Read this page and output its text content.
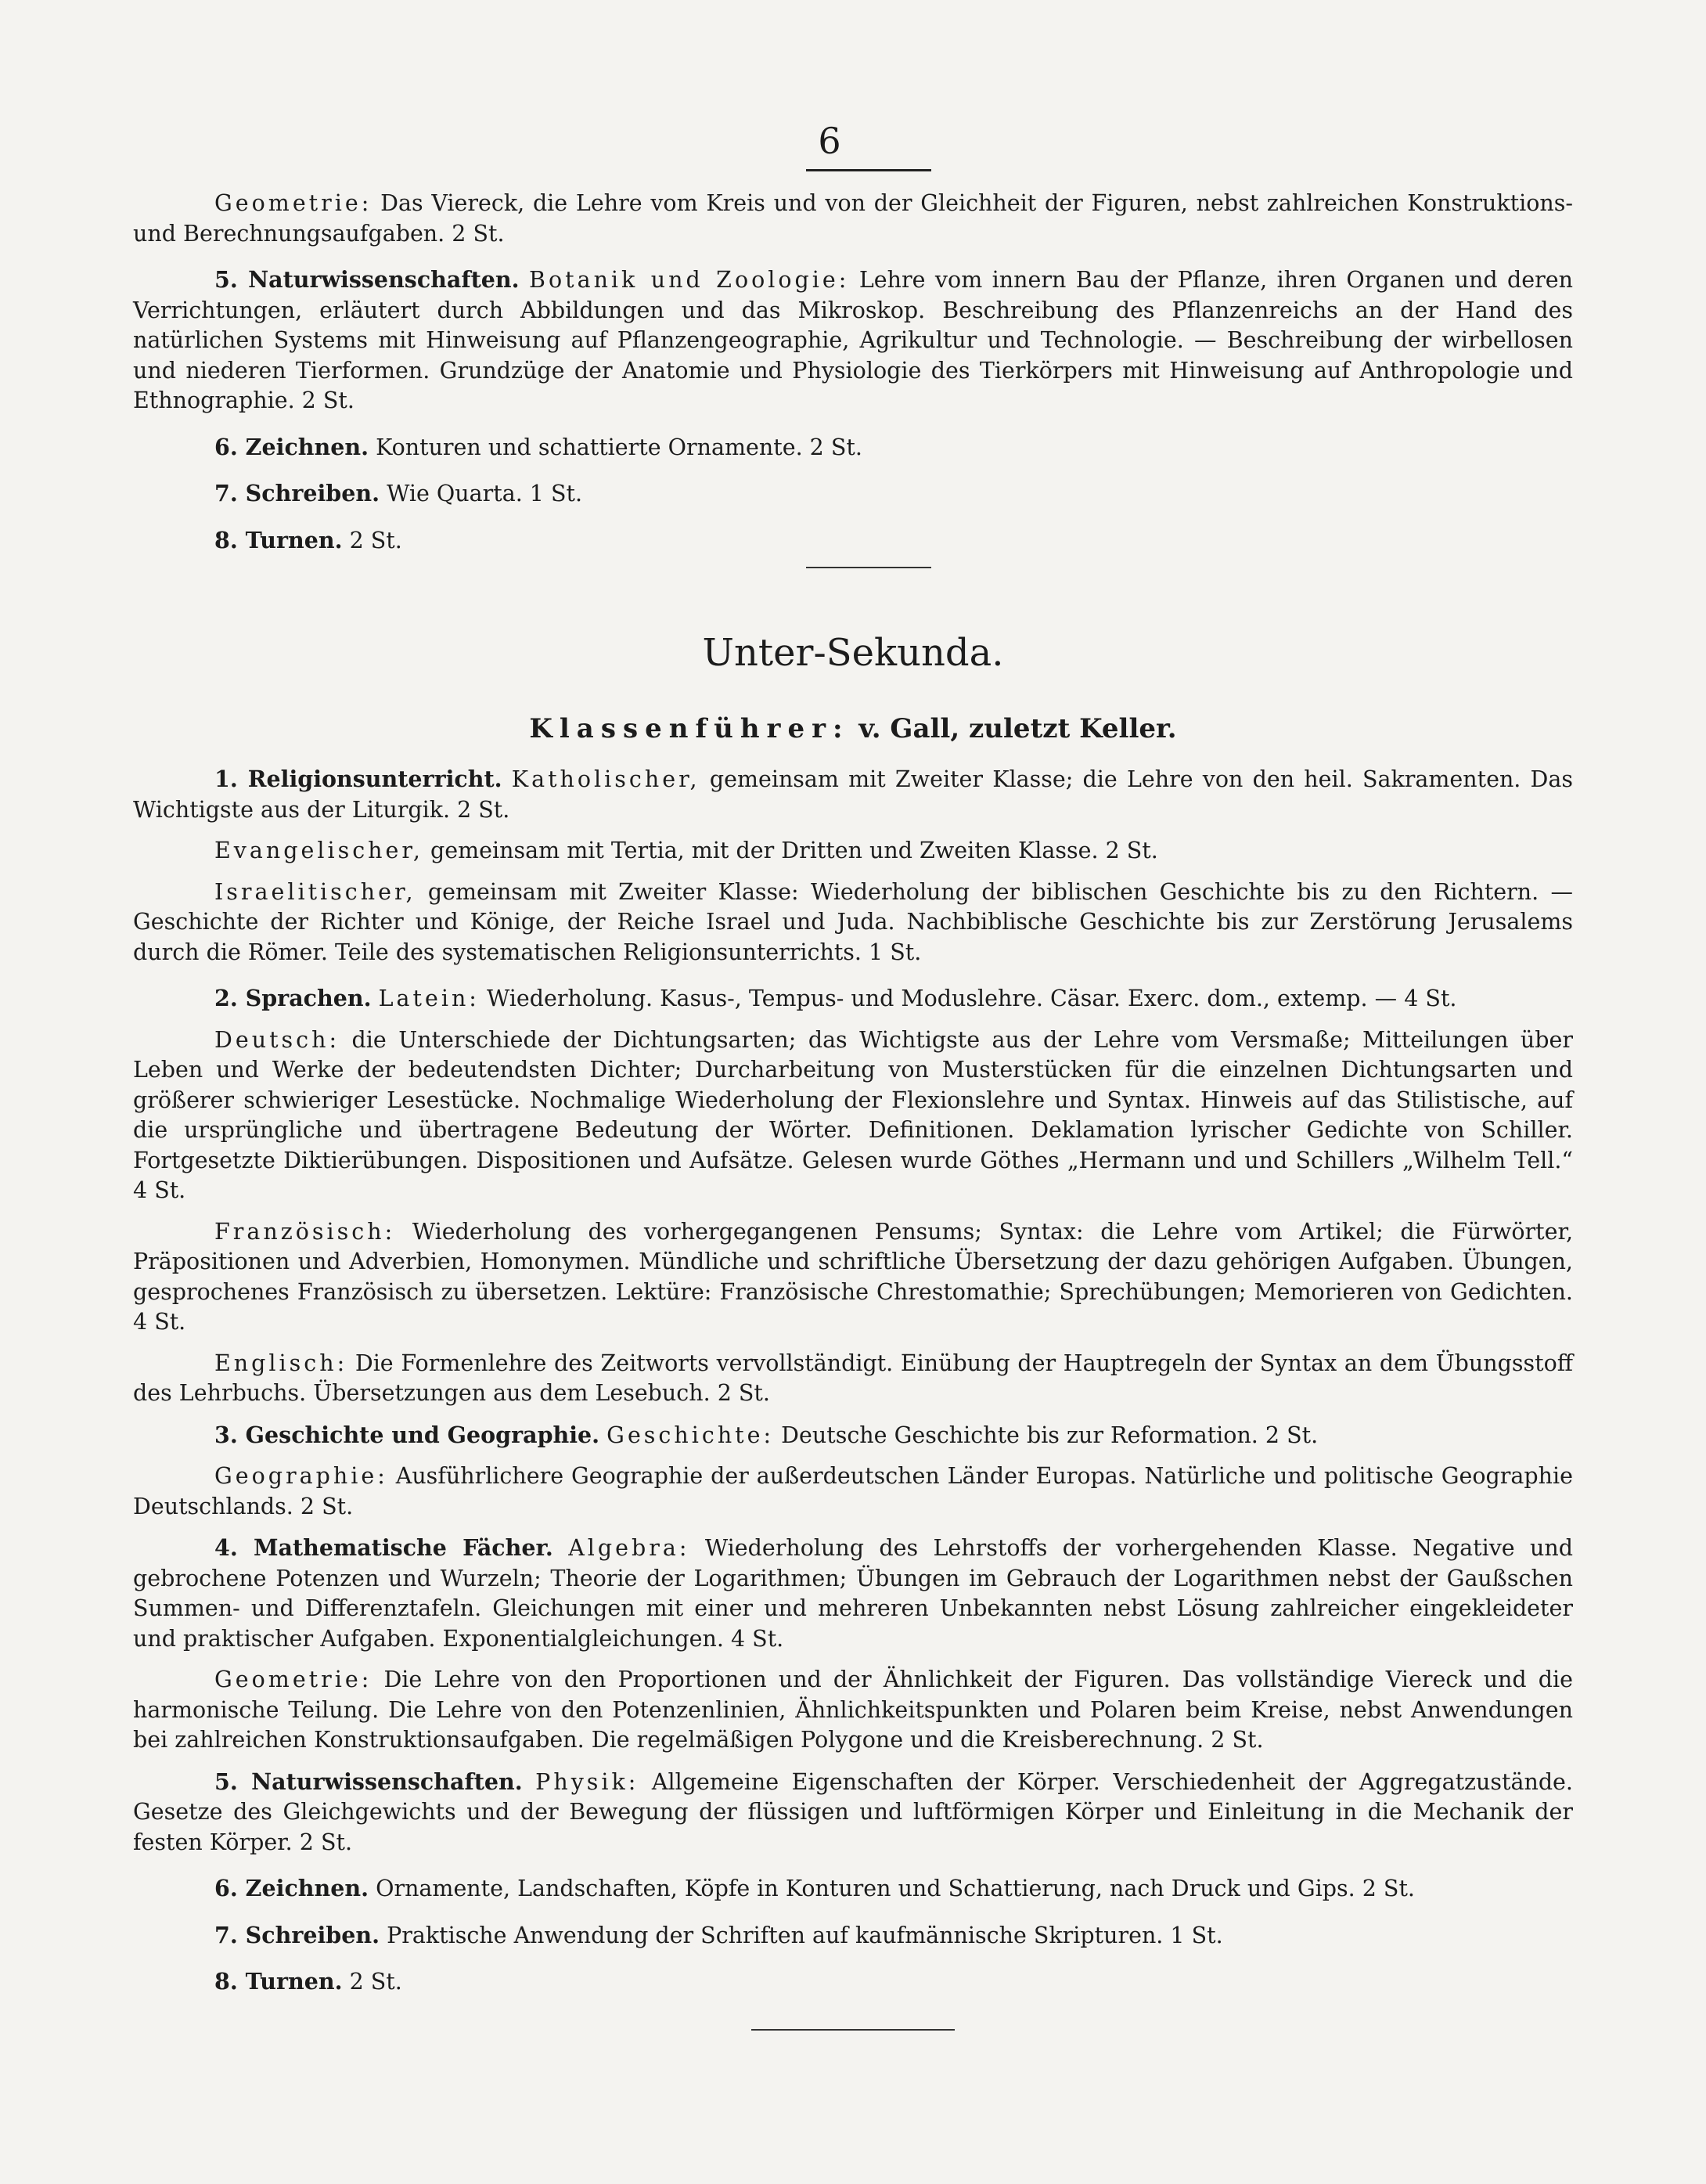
6

Geometrie: Das Viereck, die Lehre vom Kreis und von der Gleichheit der Figuren, nebst zahlreichen Konstruktions- und Berechnungsaufgaben. 2 St.

5. Naturwissenschaften. Botanik und Zoologie: Lehre vom innern Bau der Pflanze, ihren Organen und deren Verrichtungen, erläutert durch Abbildungen und das Mikroskop. Beschreibung des Pflanzenreichs an der Hand des natürlichen Systems mit Hinweisung auf Pflanzengeographie, Agrikultur und Technologie. — Beschreibung der wirbellosen und niederen Tierformen. Grundzüge der Anatomie und Physiologie des Tierkörpers mit Hinweisung auf Anthropologie und Ethnographie. 2 St.

6. Zeichnen. Konturen und schattierte Ornamente. 2 St.

7. Schreiben. Wie Quarta. 1 St.

8. Turnen. 2 St.

Unter-Sekunda.
Klassenführer: v. Gall, zuletzt Keller.

1. Religionsunterricht. Katholischer, gemeinsam mit Zweiter Klasse; die Lehre von den heil. Sakramenten. Das Wichtigste aus der Liturgik. 2 St.

Evangelischer, gemeinsam mit Tertia, mit der Dritten und Zweiten Klasse. 2 St.

Israelitischer, gemeinsam mit Zweiter Klasse: Wiederholung der biblischen Geschichte bis zu den Richtern. — Geschichte der Richter und Könige, der Reiche Israel und Juda. Nachbiblische Geschichte bis zur Zerstörung Jerusalems durch die Römer. Teile des systematischen Religionsunterrichts. 1 St.

2. Sprachen. Latein: Wiederholung. Kasus-, Tempus- und Moduslehre. Cäsar. Exerc. dom., extemp. — 4 St.

Deutsch: die Unterschiede der Dichtungsarten; das Wichtigste aus der Lehre vom Versmaße; Mitteilungen über Leben und Werke der bedeutendsten Dichter; Durcharbeitung von Musterstücken für die einzelnen Dichtungsarten und größerer schwieriger Lesestücke. Nochmalige Wiederholung der Flexionslehre und Syntax. Hinweis auf das Stilistische, auf die ursprüngliche und übertragene Bedeutung der Wörter. Definitionen. Deklamation lyrischer Gedichte von Schiller. Fortgesetzte Diktierübungen. Dispositionen und Aufsätze. Gelesen wurde Göthes „Hermann und und Schillers „Wilhelm Tell.“ 4 St.

Französisch: Wiederholung des vorhergegangenen Pensums; Syntax: die Lehre vom Artikel; die Fürwörter, Präpositionen und Adverbien, Homonymen. Mündliche und schriftliche Übersetzung der dazu gehörigen Aufgaben. Übungen, gesprochenes Französisch zu übersetzen. Lektüre: Französische Chrestomathie; Sprechübungen; Memorieren von Gedichten. 4 St.

Englisch: Die Formenlehre des Zeitworts vervollständigt. Einübung der Hauptregeln der Syntax an dem Übungsstoff des Lehrbuchs. Übersetzungen aus dem Lesebuch. 2 St.

3. Geschichte und Geographie. Geschichte: Deutsche Geschichte bis zur Reformation. 2 St.

Geographie: Ausführlichere Geographie der außerdeutschen Länder Europas. Natürliche und politische Geographie Deutschlands. 2 St.

4. Mathematische Fächer. Algebra: Wiederholung des Lehrstoffs der vorhergehenden Klasse. Negative und gebrochene Potenzen und Wurzeln; Theorie der Logarithmen; Übungen im Gebrauch der Logarithmen nebst der Gaußschen Summen- und Differenztafeln. Gleichungen mit einer und mehreren Unbekannten nebst Lösung zahlreicher eingekleideter und praktischer Aufgaben. Exponentialgleichungen. 4 St.

Geometrie: Die Lehre von den Proportionen und der Ähnlichkeit der Figuren. Das vollständige Viereck und die harmonische Teilung. Die Lehre von den Potenzenlinien, Ähnlichkeitspunkten und Polaren beim Kreise, nebst Anwendungen bei zahlreichen Konstruktionsaufgaben. Die regelmäßigen Polygone und die Kreisberechnung. 2 St.

5. Naturwissenschaften. Physik: Allgemeine Eigenschaften der Körper. Verschiedenheit der Aggregatzustände. Gesetze des Gleichgewichts und der Bewegung der flüssigen und luftförmigen Körper und Einleitung in die Mechanik der festen Körper. 2 St.

6. Zeichnen. Ornamente, Landschaften, Köpfe in Konturen und Schattierung, nach Druck und Gips. 2 St.

7. Schreiben. Praktische Anwendung der Schriften auf kaufmännische Skripturen. 1 St.

8. Turnen. 2 St.
